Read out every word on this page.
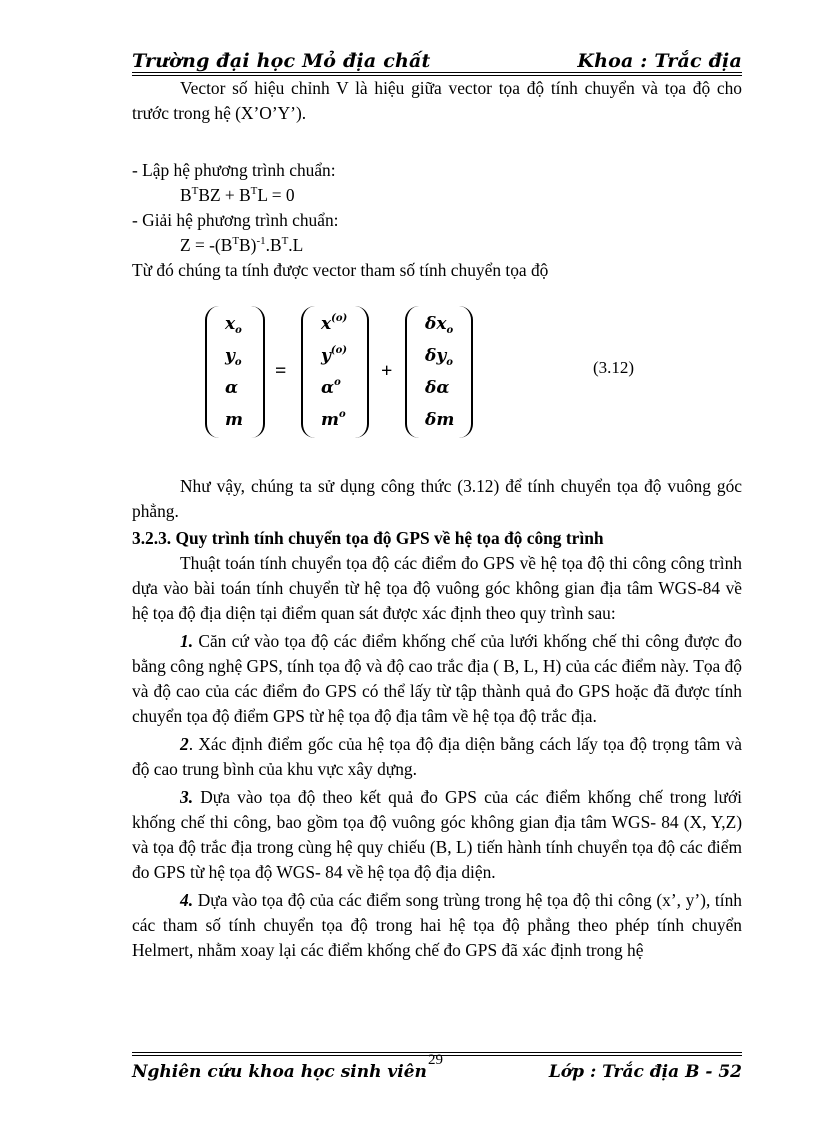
Trường đại học Mỏ địa chất	Khoa : Trắc địa

Vector số hiệu chỉnh V là hiệu giữa vector tọa độ tính chuyển và tọa độ cho trước trong hệ (X’O’Y’).

- Lập hệ phương trình chuẩn:

$B^TBZ + B^TL = 0$

- Giải hệ phương trình chuẩn:

$Z = -(B^TB)^{-1}.B^T.L$

Từ đó chúng ta tính được vector tham số tính chuyển tọa độ

$x_o$
$y_o$
α
m
=
$x^{(o)}$
$y^{(o)}$
$\alpha^o$
$m^o$
+
$\delta x_o$
$\delta y_o$
δα
δm
(3.12)

Như vậy, chúng ta sử dụng công thức (3.12) để tính chuyển tọa độ vuông góc phẳng.

3.2.3. Quy trình tính chuyển tọa độ GPS về hệ tọa độ công trình

Thuật toán tính chuyển tọa độ các điểm đo GPS về hệ tọa độ thi công công trình dựa vào bài toán tính chuyển từ hệ tọa độ vuông góc không gian địa tâm WGS-84 về hệ tọa độ địa diện tại điểm quan sát được xác định theo quy trình sau:

1. Căn cứ vào tọa độ các điểm khống chế của lưới khống chế thi công được đo bằng công nghệ GPS, tính tọa độ và độ cao trắc địa ( B, L, H) của các điểm này. Tọa độ và độ cao của các điểm đo GPS có thể lấy từ tập thành quả đo GPS hoặc đã được tính chuyển tọa độ điểm GPS từ hệ tọa độ địa tâm về hệ tọa độ trắc địa.

2. Xác định điểm gốc của hệ tọa độ địa diện bằng cách lấy tọa độ trọng tâm và độ cao trung bình của khu vực xây dựng.

3. Dựa vào tọa độ theo kết quả đo GPS của các điểm khống chế trong lưới khống chế thi công, bao gồm tọa độ vuông góc không gian địa tâm WGS- 84 (X, Y,Z) và tọa độ trắc địa trong cùng hệ quy chiếu (B, L) tiến hành tính chuyển tọa độ các điểm đo GPS từ hệ tọa độ WGS- 84 về hệ tọa độ địa diện.

4. Dựa vào tọa độ của các điểm song trùng trong hệ tọa độ thi công (x’, y’), tính các tham số tính chuyển tọa độ trong hai hệ tọa độ phẳng theo phép tính chuyển Helmert, nhằm xoay lại các điểm khống chế đo GPS đã xác định trong hệ

Nghiên cứu khoa học sinh viên
29
Lớp : Trắc địa B - 52
